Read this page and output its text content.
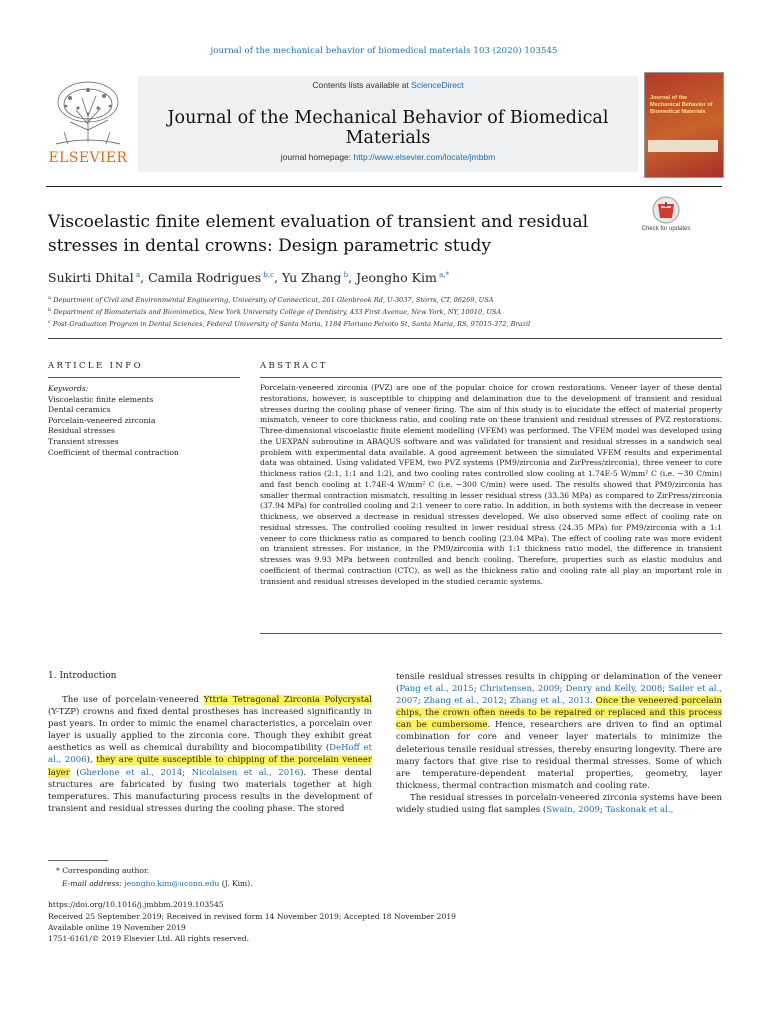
journal of the mechanical behavior of biomedical materials 103 (2020) 103545
ELSEVIER
Contents lists available at ScienceDirect
Journal of the Mechanical Behavior of Biomedical Materials
journal homepage: http://www.elsevier.com/locate/jmbbm
Journal of the Mechanical Behavior of Biomedical Materials
Viscoelastic finite element evaluation of transient and residual stresses in dental crowns: Design parametric study
Check for updates
Sukirti Dhital $^a$, Camila Rodrigues $^{b,c}$, Yu Zhang $^b$, Jeongho Kim $^{a,*}$
$^a$ Department of Civil and Environmental Engineering, University of Connecticut, 261 Glenbrook Rd, U-3037, Storrs, CT, 06269, USA
$^b$ Department of Biomaterials and Biomimetics, New York University College of Dentistry, 433 First Avenue, New York, NY, 10010, USA
$^c$ Post-Graduation Program in Dental Sciences, Federal University of Santa Maria, 1184 Floriano Peixoto St, Santa Maria, RS, 97015-372, Brazil
ARTICLE INFO
Keywords:
Viscoelastic finite elements
Dental ceramics
Porcelain-veneered zirconia
Residual stresses
Transient stresses
Coefficient of thermal contraction
ABSTRACT
Porcelain-veneered zirconia (PVZ) are one of the popular choice for crown restorations. Veneer layer of these dental restorations, however, is susceptible to chipping and delamination due to the development of transient and residual stresses during the cooling phase of veneer firing. The aim of this study is to elucidate the effect of material property mismatch, veneer to core thickness ratio, and cooling rate on these transient and residual stresses of PVZ restorations. Three-dimensional viscoelastic finite element modelling (VFEM) was performed. The VFEM model was developed using the UEXPAN subroutine in ABAQUS software and was validated for transient and residual stresses in a sandwich seal problem with experimental data available. A good agreement between the simulated VFEM results and experimental data was obtained. Using validated VFEM, two PVZ systems (PM9/zirconia and ZirPress/zirconia), three veneer to core thickness ratios (2:1, 1:1 and 1:2), and two cooling rates controlled slow cooling at 1.74E-5 W/mm² C (i.e. −30 C/min) and fast bench cooling at 1.74E-4 W/mm² C (i.e. −300 C/min) were used. The results showed that PM9/zirconia has smaller thermal contraction mismatch, resulting in lesser residual stress (33.36 MPa) as compared to ZirPress/zirconia (37.94 MPa) for controlled cooling and 2:1 veneer to core ratio. In addition, in both systems with the decrease in veneer thickness, we observed a decrease in residual stresses developed. We also observed some effect of cooling rate on residual stresses. The controlled cooling resulted in lower residual stress (24.35 MPa) for PM9/zirconia with a 1:1 veneer to core thickness ratio as compared to bench cooling (23.04 MPa). The effect of cooling rate was more evident on transient stresses. For instance, in the PM9/zirconia with 1:1 thickness ratio model, the difference in transient stresses was 9.93 MPa between controlled and bench cooling. Therefore, properties such as elastic modulus and coefficient of thermal contraction (CTC), as well as the thickness ratio and cooling rate all play an important role in transient and residual stresses developed in the studied ceramic systems.
1. Introduction
The use of porcelain-veneered Yttria Tetragonal Zirconia Polycrystal (Y-TZP) crowns and fixed dental prostheses has increased significantly in past years. In order to mimic the enamel characteristics, a porcelain over layer is usually applied to the zirconia core. Though they exhibit great aesthetics as well as chemical durability and biocompatibility (DeHoff et al., 2006), they are quite susceptible to chipping of the porcelain veneer layer (Gherlone et al., 2014; Nicolaisen et al., 2016). These dental structures are fabricated by fusing two materials together at high temperatures. This manufacturing process results in the development of transient and residual stresses during the cooling phase. The stored
tensile residual stresses results in chipping or delamination of the veneer (Pang et al., 2015; Christensen, 2009; Denry and Kelly, 2008; Sailer et al., 2007; Zhang et al., 2012; Zhang et al., 2013. Once the veneered porcelain chips, the crown often needs to be repaired or replaced and this process can be cumbersome. Hence, researchers are driven to find an optimal combination for core and veneer layer materials to minimize the deleterious tensile residual stresses, thereby ensuring longevity. There are many factors that give rise to residual thermal stresses. Some of which are temperature-dependent material properties, geometry, layer thickness, thermal contraction mismatch and cooling rate.
The residual stresses in porcelain-veneered zirconia systems have been widely studied using flat samples (Swain, 2009; Taskonak et al.,
* Corresponding author.
E-mail address: jeongho.kim@uconn.edu (J. Kim).
https://doi.org/10.1016/j.jmbbm.2019.103545
Received 25 September 2019; Received in revised form 14 November 2019; Accepted 18 November 2019
Available online 19 November 2019
1751-6161/© 2019 Elsevier Ltd. All rights reserved.
